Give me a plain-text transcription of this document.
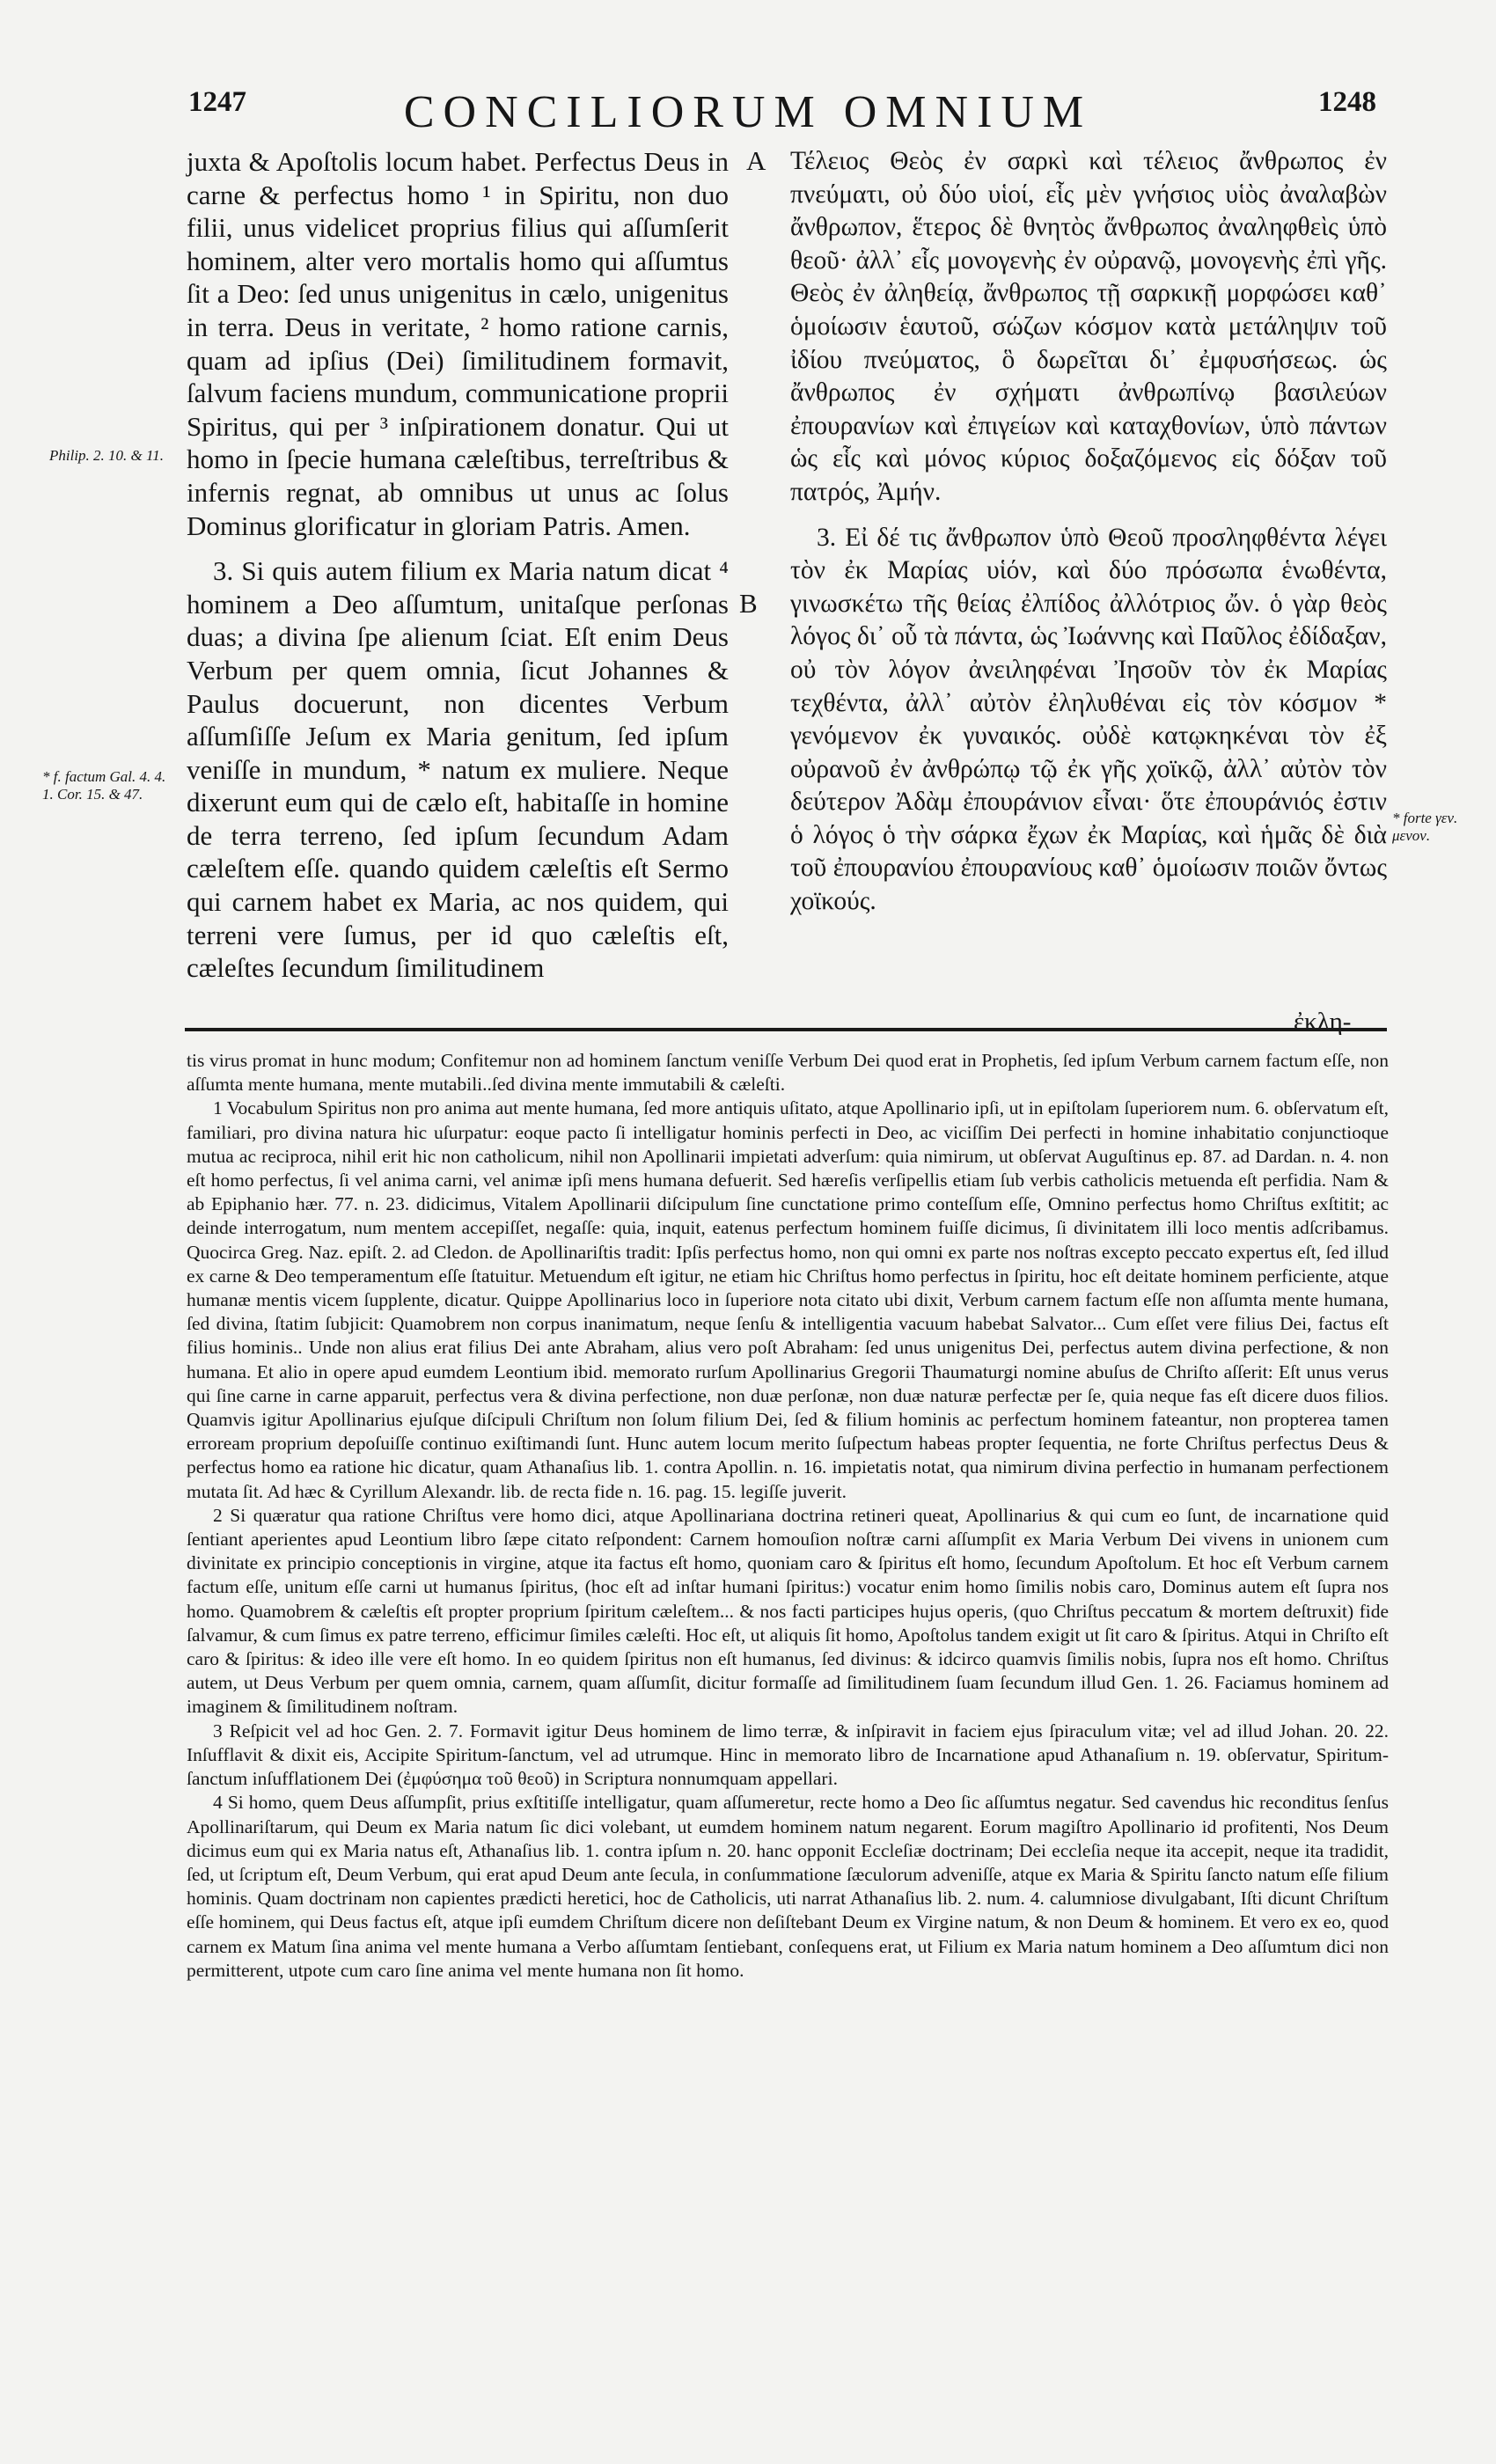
1247	CONCILIORUM OMNIUM	1248
Philip. 2. 10. & 11.
* f. factum Gal. 4. 4. 1. Cor. 15. & 47.
* forte γεν. μενον.

juxta & Apoſtolis locum habet. Perfectus Deus in carne & perfectus homo ¹ in Spiritu, non duo filii, unus videlicet proprius filius qui aſſumſerit hominem, alter vero mortalis homo qui aſſumtus ſit a Deo: ſed unus unigenitus in cælo, unigenitus in terra. Deus in veritate, ² homo ratione carnis, quam ad ipſius (Dei) ſimilitudinem formavit, ſalvum faciens mundum, communicatione proprii Spiritus, qui per ³ inſpirationem donatur. Qui ut homo in ſpecie humana cæleſtibus, terreſtribus & infernis regnat, ab omnibus ut unus ac ſolus Dominus glorificatur in gloriam Patris. Amen.

3. Si quis autem filium ex Maria natum dicat ⁴ hominem a Deo aſſumtum, unitaſque perſonas duas; a divina ſpe alienum ſciat. Eſt enim Deus Verbum per quem omnia, ſicut Johannes & Paulus docuerunt, non dicentes Verbum aſſumſiſſe Jeſum ex Maria genitum, ſed ipſum veniſſe in mundum, * natum ex muliere. Neque dixerunt eum qui de cælo eſt, habitaſſe in homine de terra terreno, ſed ipſum ſecundum Adam cæleſtem eſſe. quando quidem cæleſtis eſt Sermo qui carnem habet ex Maria, ac nos quidem, qui terreni vere ſumus, per id quo cæleſtis eſt, cæleſtes ſecundum ſimilitudinem

A
B

Τέλειος Θεὸς ἐν σαρκὶ καὶ τέλειος ἄνθρωπος ἐν πνεύματι, οὐ δύο υἱοί, εἷς μὲν γνήσιος υἱὸς ἀναλαβὼν ἄνθρωπον, ἕτερος δὲ θνητὸς ἄνθρωπος ἀναληφθεὶς ὑπὸ θεοῦ· ἀλλ᾽ εἷς μονογενὴς ἐν οὐρανῷ, μονογενὴς ἐπὶ γῆς. Θεὸς ἐν ἀληθείᾳ, ἄνθρωπος τῇ σαρκικῇ μορφώσει καθ᾽ ὁμοίωσιν ἑαυτοῦ, σώζων κόσμον κατὰ μετάληψιν τοῦ ἰδίου πνεύματος, ὃ δωρεῖται δι᾽ ἐμφυσήσεως. ὡς ἄνθρωπος ἐν σχήματι ἀνθρωπίνῳ βασιλεύων ἐπουρανίων καὶ ἐπιγείων καὶ καταχθονίων, ὑπὸ πάντων ὡς εἷς καὶ μόνος κύριος δοξαζόμενος εἰς δόξαν τοῦ πατρός, Ἀμήν.

3. Εἰ δέ τις ἄνθρωπον ὑπὸ Θεοῦ προσληφθέντα λέγει τὸν ἐκ Μαρίας υἱόν, καὶ δύο πρόσωπα ἑνωθέντα, γινωσκέτω τῆς θείας ἐλπίδος ἀλλότριος ὤν. ὁ γὰρ θεὸς λόγος δι᾽ οὗ τὰ πάντα, ὡς Ἰωάννης καὶ Παῦλος ἐδίδαξαν, οὐ τὸν λόγον ἀνειληφέναι Ἰησοῦν τὸν ἐκ Μαρίας τεχθέντα, ἀλλ᾽ αὐτὸν ἐληλυθέναι εἰς τὸν κόσμον * γενόμενον ἐκ γυναικός. οὐδὲ κατῳκηκέναι τὸν ἐξ οὐρανοῦ ἐν ἀνθρώπῳ τῷ ἐκ γῆς χοϊκῷ, ἀλλ᾽ αὐτὸν τὸν δεύτερον Ἀδὰμ ἐπουράνιον εἶναι· ὅτε ἐπουράνιός ἐστιν ὁ λόγος ὁ τὴν σάρκα ἔχων ἐκ Μαρίας, καὶ ἡμᾶς δὲ διὰ τοῦ ἐπουρανίου ἐπουρανίους καθ᾽ ὁμοίωσιν ποιῶν ὄντως χοϊκούς.

ἐκλη-

tis virus promat in hunc modum; Confitemur non ad hominem ſanctum veniſſe Verbum Dei quod erat in Prophetis, ſed ipſum Verbum carnem factum eſſe, non aſſumta mente humana, mente mutabili..ſed divina mente immutabili & cæleſti.

1 Vocabulum Spiritus non pro anima aut mente humana, ſed more antiquis uſitato, atque Apollinario ipſi, ut in epiſtolam ſuperiorem num. 6. obſervatum eſt, familiari, pro divina natura hic uſurpatur: eoque pacto ſi intelligatur hominis perfecti in Deo, ac viciſſim Dei perfecti in homine inhabitatio conjunctioque mutua ac reciproca, nihil erit hic non catholicum, nihil non Apollinarii impietati adverſum: quia nimirum, ut obſervat Auguſtinus ep. 87. ad Dardan. n. 4. non eſt homo perfectus, ſi vel anima carni, vel animæ ipſi mens humana defuerit. Sed hæreſis verſipellis etiam ſub verbis catholicis metuenda eſt perfidia. Nam & ab Epiphanio hær. 77. n. 23. didicimus, Vitalem Apollinarii diſcipulum ſine cunctatione primo conteſſum eſſe, Omnino perfectus homo Chriſtus exſtitit; ac deinde interrogatum, num mentem accepiſſet, negaſſe: quia, inquit, eatenus perfectum hominem fuiſſe dicimus, ſi divinitatem illi loco mentis adſcribamus. Quocirca Greg. Naz. epiſt. 2. ad Cledon. de Apollinariſtis tradit: Ipſis perfectus homo, non qui omni ex parte nos noſtras excepto peccato expertus eſt, ſed illud ex carne & Deo temperamentum eſſe ſtatuitur. Metuendum eſt igitur, ne etiam hic Chriſtus homo perfectus in ſpiritu, hoc eſt deitate hominem perficiente, atque humanæ mentis vicem ſupplente, dicatur. Quippe Apollinarius loco in ſuperiore nota citato ubi dixit, Verbum carnem factum eſſe non aſſumta mente humana, ſed divina, ſtatim ſubjicit: Quamobrem non corpus inanimatum, neque ſenſu & intelligentia vacuum habebat Salvator... Cum eſſet vere filius Dei, factus eſt filius hominis.. Unde non alius erat filius Dei ante Abraham, alius vero poſt Abraham: ſed unus unigenitus Dei, perfectus autem divina perfectione, & non humana. Et alio in opere apud eumdem Leontium ibid. memorato rurſum Apollinarius Gregorii Thaumaturgi nomine abuſus de Chriſto aſſerit: Eſt unus verus qui ſine carne in carne apparuit, perfectus vera & divina perfectione, non duæ perſonæ, non duæ naturæ perfectæ per ſe, quia neque fas eſt dicere duos filios. Quamvis igitur Apollinarius ejuſque diſcipuli Chriſtum non ſolum filium Dei, ſed & filium hominis ac perfectum hominem fateantur, non propterea tamen erroream proprium depoſuiſſe continuo exiſtimandi ſunt. Hunc autem locum merito ſuſpectum habeas propter ſequentia, ne forte Chriſtus perfectus Deus & perfectus homo ea ratione hic dicatur, quam Athanaſius lib. 1. contra Apollin. n. 16. impietatis notat, qua nimirum divina perfectio in humanam perfectionem mutata ſit. Ad hæc & Cyrillum Alexandr. lib. de recta fide n. 16. pag. 15. legiſſe juverit.

2 Si quæratur qua ratione Chriſtus vere homo dici, atque Apollinariana doctrina retineri queat, Apollinarius & qui cum eo ſunt, de incarnatione quid ſentiant aperientes apud Leontium libro ſæpe citato reſpondent: Carnem homouſion noſtræ carni aſſumpſit ex Maria Verbum Dei vivens in unionem cum divinitate ex principio conceptionis in virgine, atque ita factus eſt homo, quoniam caro & ſpiritus eſt homo, ſecundum Apoſtolum. Et hoc eſt Verbum carnem factum eſſe, unitum eſſe carni ut humanus ſpiritus, (hoc eſt ad inſtar humani ſpiritus:) vocatur enim homo ſimilis nobis caro, Dominus autem eſt ſupra nos homo. Quamobrem & cæleſtis eſt propter proprium ſpiritum cæleſtem... & nos facti participes hujus operis, (quo Chriſtus peccatum & mortem deſtruxit) fide ſalvamur, & cum ſimus ex patre terreno, efficimur ſimiles cæleſti. Hoc eſt, ut aliquis ſit homo, Apoſtolus tandem exigit ut ſit caro & ſpiritus. Atqui in Chriſto eſt caro & ſpiritus: & ideo ille vere eſt homo. In eo quidem ſpiritus non eſt humanus, ſed divinus: & idcirco quamvis ſimilis nobis, ſupra nos eſt homo. Chriſtus autem, ut Deus Verbum per quem omnia, carnem, quam aſſumſit, dicitur formaſſe ad ſimilitudinem ſuam ſecundum illud Gen. 1. 26. Faciamus hominem ad imaginem & ſimilitudinem noſtram.

3 Reſpicit vel ad hoc Gen. 2. 7. Formavit igitur Deus hominem de limo terræ, & inſpiravit in faciem ejus ſpiraculum vitæ; vel ad illud Johan. 20. 22. Inſufflavit & dixit eis, Accipite Spiritum-ſanctum, vel ad utrumque. Hinc in memorato libro de Incarnatione apud Athanaſium n. 19. obſervatur, Spiritum-ſanctum inſufflationem Dei (ἐμφύσημα τοῦ θεοῦ) in Scriptura nonnumquam appellari.

4 Si homo, quem Deus aſſumpſit, prius exſtitiſſe intelligatur, quam aſſumeretur, recte homo a Deo ſic aſſumtus negatur. Sed cavendus hic reconditus ſenſus Apollinariſtarum, qui Deum ex Maria natum ſic dici volebant, ut eumdem hominem natum negarent. Eorum magiſtro Apollinario id profitenti, Nos Deum dicimus eum qui ex Maria natus eſt, Athanaſius lib. 1. contra ipſum n. 20. hanc opponit Eccleſiæ doctrinam; Dei eccleſia neque ita accepit, neque ita tradidit, ſed, ut ſcriptum eſt, Deum Verbum, qui erat apud Deum ante ſecula, in conſummatione ſæculorum adveniſſe, atque ex Maria & Spiritu ſancto natum eſſe filium hominis. Quam doctrinam non capientes prædicti heretici, hoc de Catholicis, uti narrat Athanaſius lib. 2. num. 4. calumniose divulgabant, Iſti dicunt Chriſtum eſſe hominem, qui Deus factus eſt, atque ipſi eumdem Chriſtum dicere non deſiſtebant Deum ex Virgine natum, & non Deum & hominem. Et vero ex eo, quod carnem ex Matum ſina anima vel mente humana a Verbo aſſumtam ſentiebant, conſequens erat, ut Filium ex Maria natum hominem a Deo aſſumtum dici non permitterent, utpote cum caro ſine anima vel mente humana non ſit homo.
